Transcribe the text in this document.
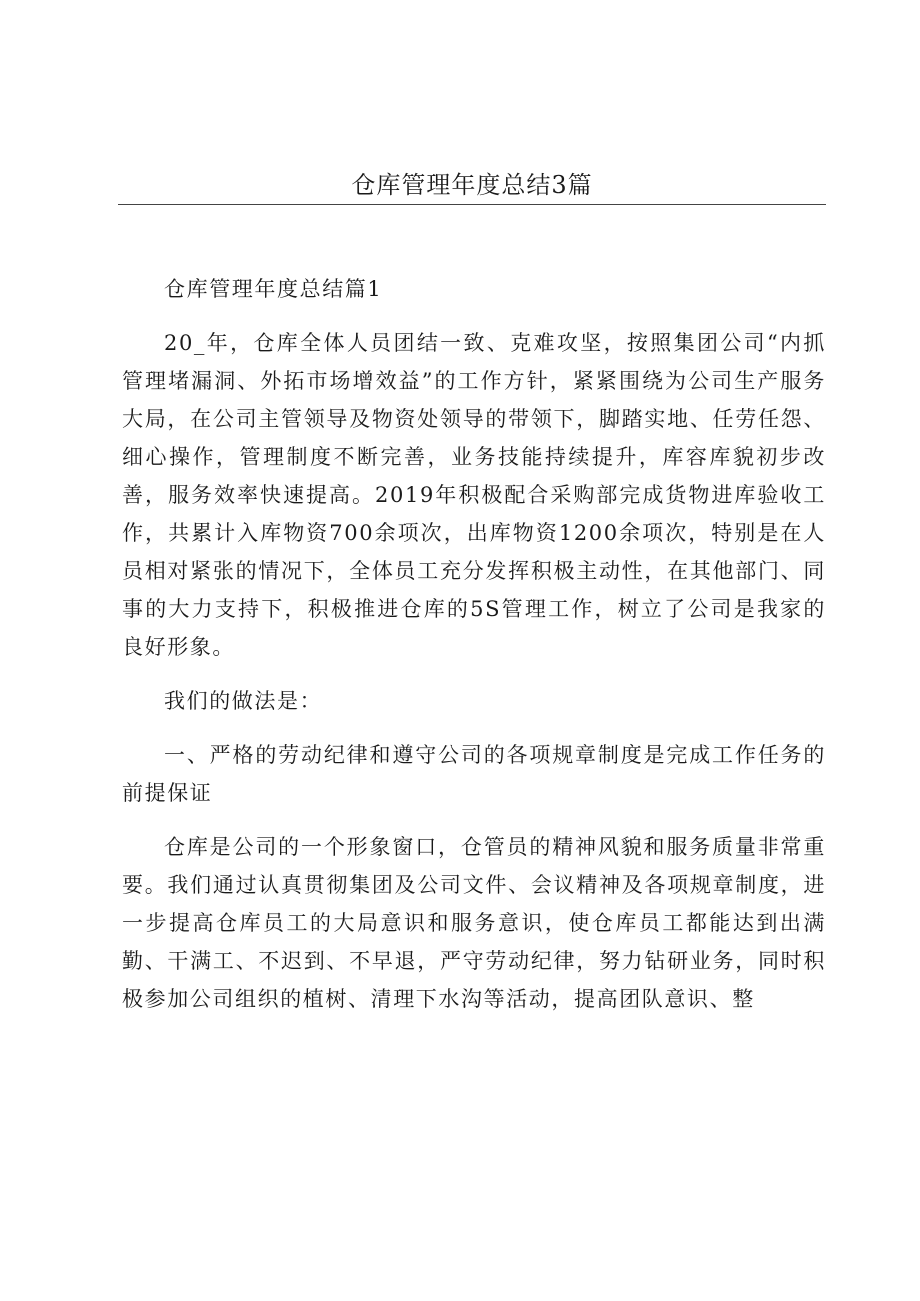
仓库管理年度总结3篇

仓库管理年度总结篇1

20_年，仓库全体人员团结一致、克难攻坚，按照集团公司“内抓管理堵漏洞、外拓市场增效益”的工作方针，紧紧围绕为公司生产服务大局，在公司主管领导及物资处领导的带领下，脚踏实地、任劳任怨、细心操作，管理制度不断完善，业务技能持续提升，库容库貌初步改善，服务效率快速提高。2019年积极配合采购部完成货物进库验收工作，共累计入库物资700余项次，出库物资1200余项次，特别是在人员相对紧张的情况下，全体员工充分发挥积极主动性，在其他部门、同事的大力支持下，积极推进仓库的5S管理工作，树立了公司是我家的良好形象。

我们的做法是：

一、严格的劳动纪律和遵守公司的各项规章制度是完成工作任务的前提保证

仓库是公司的一个形象窗口，仓管员的精神风貌和服务质量非常重要。我们通过认真贯彻集团及公司文件、会议精神及各项规章制度，进一步提高仓库员工的大局意识和服务意识，使仓库员工都能达到出满勤、干满工、不迟到、不早退，严守劳动纪律，努力钻研业务，同时积极参加公司组织的植树、清理下水沟等活动，提高团队意识、整
